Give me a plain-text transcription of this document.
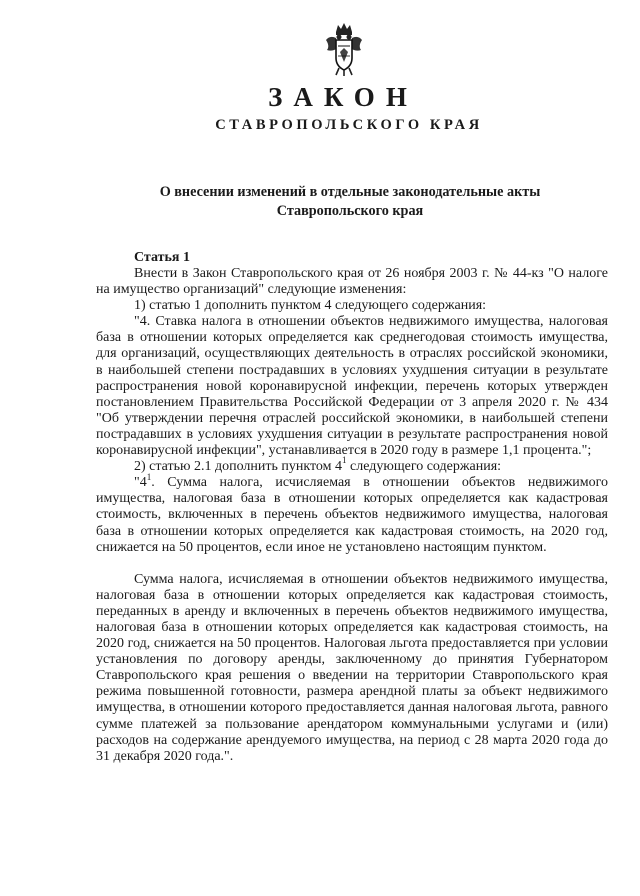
ЗАКОН
СТАВРОПОЛЬСКОГО КРАЯ
О внесении изменений в отдельные законодательные акты
Ставропольского края
Статья 1

Внести в Закон Ставропольского края от 26 ноября 2003 г. № 44-кз "О налоге на имущество организаций" следующие изменения:

1) статью 1 дополнить пунктом 4 следующего содержания:

"4. Ставка налога в отношении объектов недвижимого имущества, налоговая база в отношении которых определяется как среднегодовая стоимость имущества, для организаций, осуществляющих деятельность в отраслях российской экономики, в наибольшей степени пострадавших в условиях ухудшения ситуации в результате распространения новой коронавирусной инфекции, перечень которых утвержден постановлением Правительства Российской Федерации от 3 апреля 2020 г. № 434 "Об утверждении перечня отраслей российской экономики, в наибольшей степени пострадавших в условиях ухудшения ситуации в результате распространения новой коронавирусной инфекции", устанавливается в 2020 году в размере 1,1 процента.";

2) статью 2.1 дополнить пунктом $4^1$ следующего содержания:

"$4^1$. Сумма налога, исчисляемая в отношении объектов недвижимого имущества, налоговая база в отношении которых определяется как кадастровая стоимость, включенных в перечень объектов недвижимого имущества, налоговая база в отношении которых определяется как кадастровая стоимость, на 2020 год, снижается на 50 процентов, если иное не установлено настоящим пунктом.

Сумма налога, исчисляемая в отношении объектов недвижимого имущества, налоговая база в отношении которых определяется как кадастровая стоимость, переданных в аренду и включенных в перечень объектов недвижимого имущества, налоговая база в отношении которых определяется как кадастровая стоимость, на 2020 год, снижается на 50 процентов. Налоговая льгота предоставляется при условии установления по договору аренды, заключенному до принятия Губернатором Ставропольского края решения о введении на территории Ставропольского края режима повышенной готовности, размера арендной платы за объект недвижимого имущества, в отношении которого предоставляется данная налоговая льгота, равного сумме платежей за пользование арендатором коммунальными услугами и (или) расходов на содержание арендуемого имущества, на период с 28 марта 2020 года до 31 декабря 2020 года.".
